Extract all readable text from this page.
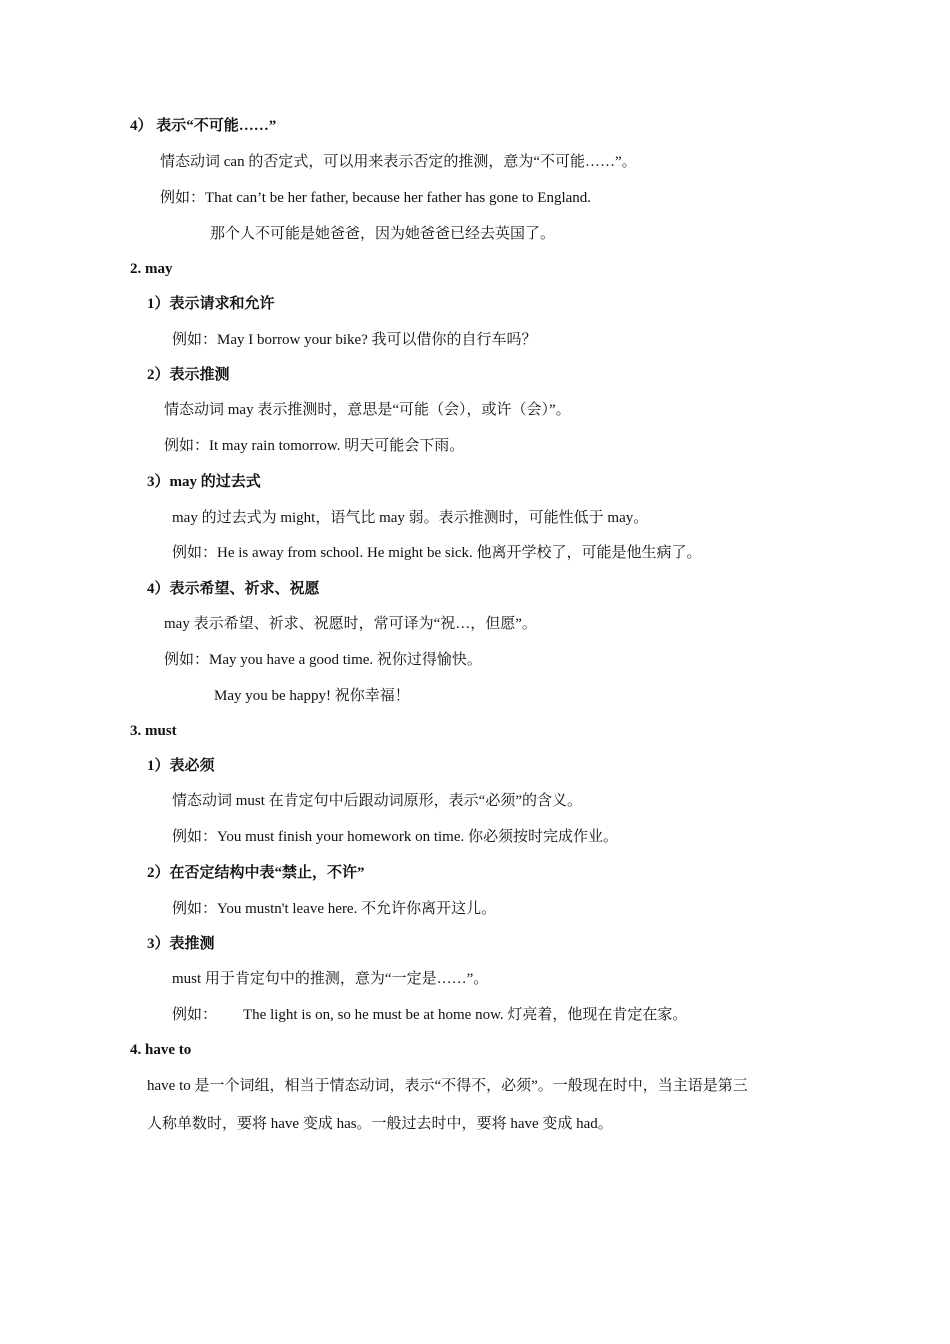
4） 表示“不可能……”
情态动词 can 的否定式，可以用来表示否定的推测，意为“不可能……”。
例如：That can’t be her father, because her father has gone to England.
那个人不可能是她爸爸，因为她爸爸已经去英国了。
2. may
1）表示请求和允许
例如：May I borrow your bike? 我可以借你的自行车吗？
2）表示推测
情态动词 may 表示推测时，意思是“可能（会），或许（会）”。
例如：It may rain tomorrow. 明天可能会下雨。
3）may 的过去式
may 的过去式为 might，语气比 may 弱。表示推测时，可能性低于 may。
例如：He is away from school. He might be sick. 他离开学校了，可能是他生病了。
4）表示希望、祈求、祝愿
may 表示希望、祈求、祝愿时，常可译为“祝…，但愿”。
例如：May you have a good time. 祝你过得愉快。
May you be happy! 祝你幸福！
3. must
1）表必须
情态动词 must 在肯定句中后跟动词原形，表示“必须”的含义。
例如：You must finish your homework on time. 你必须按时完成作业。
2）在否定结构中表“禁止，不许”
例如：You mustn't leave here. 不允许你离开这儿。
3）表推测
must 用于肯定句中的推测，意为“一定是……”。
例如： The light is on, so he must be at home now. 灯亮着，他现在肯定在家。
4. have to
have to 是一个词组，相当于情态动词，表示“不得不，必须”。一般现在时中，当主语是第三
人称单数时，要将 have 变成 has。一般过去时中，要将 have 变成 had。
